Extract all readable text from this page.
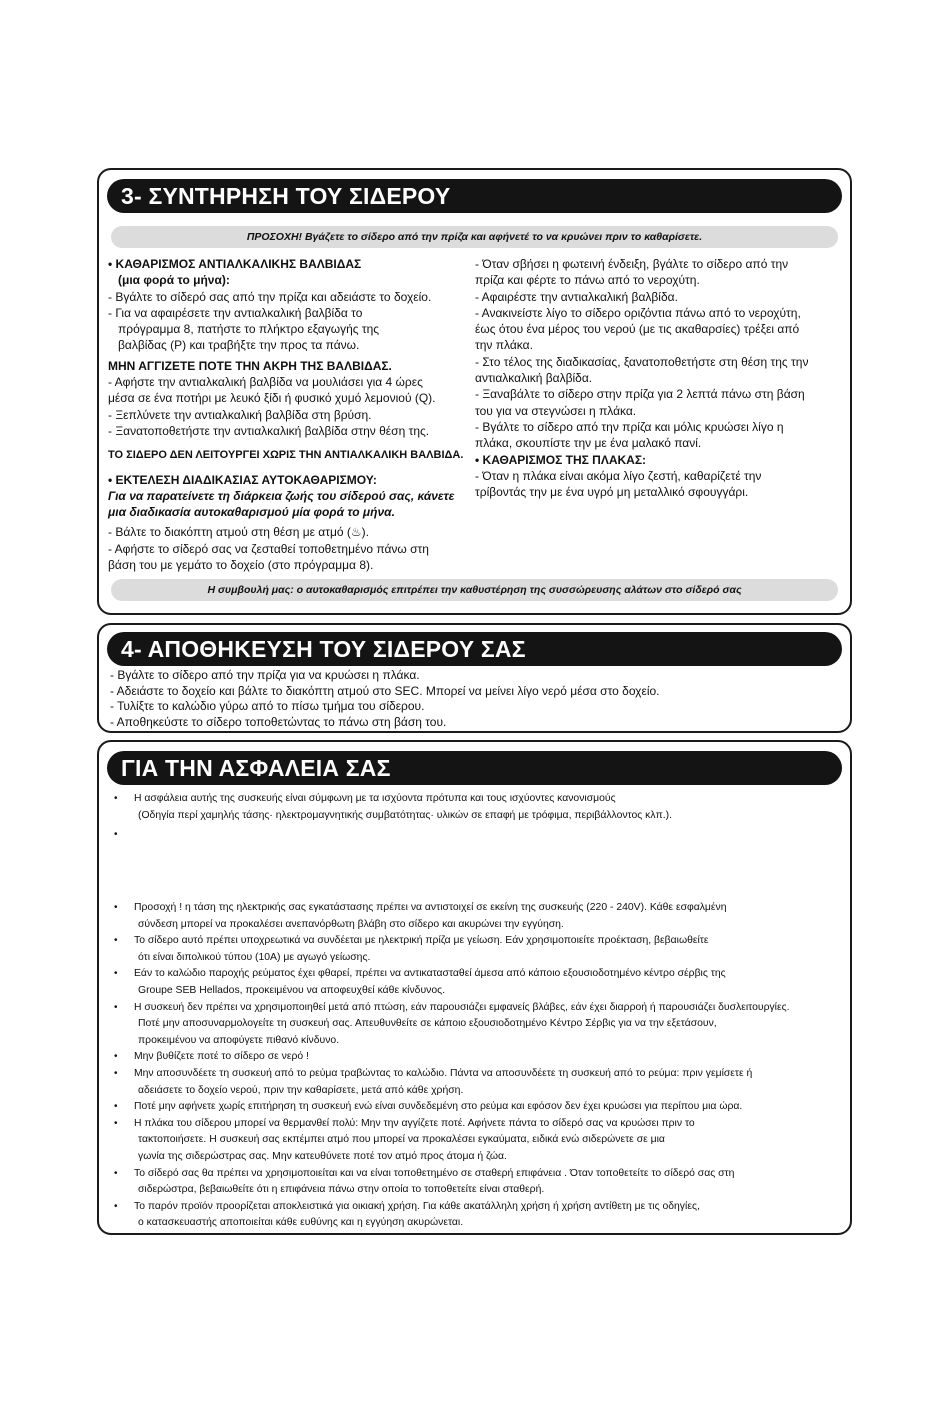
3- ΣΥΝΤΗΡΗΣΗ ΤΟΥ ΣΙΔΕΡΟΥ
ΠΡΟΣΟΧΗ! Βγάζετε το σίδερο από την πρίζα και αφήνετέ το να κρυώνει πριν το καθαρίσετε.
• ΚΑΘΑΡΙΣΜΟΣ ΑΝΤΙΑΛΚΑΛΙΚΗΣ ΒΑΛΒΙΔΑΣ
(μια φορά το μήνα):
- Βγάλτε το σίδερό σας από την πρίζα και αδειάστε το δοχείο.
- Για να αφαιρέσετε την αντιαλκαλική βαλβίδα το
πρόγραμμα 8, πατήστε το πλήκτρο εξαγωγής της
βαλβίδας (P) και τραβήξτε την προς τα πάνω.
ΜΗΝ ΑΓΓΙΖΕΤΕ ΠΟΤΕ ΤΗΝ ΑΚΡΗ ΤΗΣ ΒΑΛΒΙΔΑΣ.
- Αφήστε την αντιαλκαλική βαλβίδα να μουλιάσει για 4 ώρες
μέσα σε ένα ποτήρι με λευκό ξίδι ή φυσικό χυμό λεμονιού (Q).
- Ξεπλύνετε την αντιαλκαλική βαλβίδα στη βρύση.
- Ξανατοποθετήστε την αντιαλκαλική βαλβίδα στην θέση της.
ΤΟ ΣΙΔΕΡΟ ΔΕΝ ΛΕΙΤΟΥΡΓΕΙ ΧΩΡΙΣ ΤΗΝ ΑΝΤΙΑΛΚΑΛΙΚΗ ΒΑΛΒΙΔΑ.
• ΕΚΤΕΛΕΣΗ ΔΙΑΔΙΚΑΣΙΑΣ ΑΥΤΟΚΑΘΑΡΙΣΜΟΥ:
Για να παρατείνετε τη διάρκεια ζωής του σίδερού σας, κάνετε
μια διαδικασία αυτοκαθαρισμού μία φορά το μήνα.
- Βάλτε το διακόπτη ατμού στη θέση με ατμό (♨).
- Αφήστε το σίδερό σας να ζεσταθεί τοποθετημένο πάνω στη
βάση του με γεμάτο το δοχείο (στο πρόγραμμα 8).
- Όταν σβήσει η φωτεινή ένδειξη, βγάλτε το σίδερο από την
πρίζα και φέρτε το πάνω από το νεροχύτη.
- Αφαιρέστε την αντιαλκαλική βαλβίδα.
- Ανακινείστε λίγο το σίδερο οριζόντια πάνω από το νεροχύτη,
έως ότου ένα μέρος του νερού (με τις ακαθαρσίες) τρέξει από
την πλάκα.
- Στο τέλος της διαδικασίας, ξανατοποθετήστε στη θέση της την
αντιαλκαλική βαλβίδα.
- Ξαναβάλτε το σίδερο στην πρίζα για 2 λεπτά πάνω στη βάση
του για να στεγνώσει η πλάκα.
- Βγάλτε το σίδερο από την πρίζα και μόλις κρυώσει λίγο η
πλάκα, σκουπίστε την με ένα μαλακό πανί.
• ΚΑΘΑΡΙΣΜΟΣ ΤΗΣ ΠΛΑΚΑΣ:
- Όταν η πλάκα είναι ακόμα λίγο ζεστή, καθαρίζετέ την
τρίβοντάς την με ένα υγρό μη μεταλλικό σφουγγάρι.
Η συμβουλή μας: ο αυτοκαθαρισμός επιτρέπει την καθυστέρηση της συσσώρευσης αλάτων στο σίδερό σας
4- ΑΠΟΘΗΚΕΥΣΗ ΤΟΥ ΣΙΔΕΡΟΥ ΣΑΣ
- Βγάλτε το σίδερο από την πρίζα για να κρυώσει η πλάκα.
- Αδειάστε το δοχείο και βάλτε το διακόπτη ατμού στο SEC. Μπορεί να μείνει λίγο νερό μέσα στο δοχείο.
- Τυλίξτε το καλώδιο γύρω από το πίσω τμήμα του σίδερου.
- Αποθηκεύστε το σίδερο τοποθετώντας το πάνω στη βάση του.
ΓΙΑ ΤΗΝ ΑΣΦΑΛΕΙΑ ΣΑΣ
• Η ασφάλεια αυτής της συσκευής είναι σύμφωνη με τα ισχύοντα πρότυπα και τους ισχύοντες κανονισμούς
(Οδηγία περί χαμηλής τάσης· ηλεκτρομαγνητικής συμβατότητας· υλικών σε επαφή με τρόφιμα, περιβάλλοντος κλπ.).
•
• Προσοχή ! η τάση της ηλεκτρικής σας εγκατάστασης πρέπει να αντιστοιχεί σε εκείνη της συσκευής (220 - 240V). Κάθε εσφαλμένη
σύνδεση μπορεί να προκαλέσει ανεπανόρθωτη βλάβη στο σίδερο και ακυρώνει την εγγύηση.
• Το σίδερο αυτό πρέπει υποχρεωτικά να συνδέεται με ηλεκτρική πρίζα με γείωση. Εάν χρησιμοποιείτε προέκταση, βεβαιωθείτε
ότι είναι διπολικού τύπου (10Α) με αγωγό γείωσης.
• Εάν το καλώδιο παροχής ρεύματος έχει φθαρεί, πρέπει να αντικατασταθεί άμεσα από κάποιο εξουσιοδοτημένο κέντρο σέρβις της
Groupe SEB Hellados, προκειμένου να αποφευχθεί κάθε κίνδυνος.
• Η συσκευή δεν πρέπει να χρησιμοποιηθεί μετά από πτώση, εάν παρουσιάζει εμφανείς βλάβες, εάν έχει διαρροή ή παρουσιάζει δυσλειτουργίες.
Ποτέ μην αποσυναρμολογείτε τη συσκευή σας. Απευθυνθείτε σε κάποιο εξουσιοδοτημένο Κέντρο Σέρβις για να την εξετάσουν,
προκειμένου να αποφύγετε πιθανό κίνδυνο.
• Μην βυθίζετε ποτέ το σίδερο σε νερό !
• Μην αποσυνδέετε τη συσκευή από το ρεύμα τραβώντας το καλώδιο. Πάντα να αποσυνδέετε τη συσκευή από το ρεύμα: πριν γεμίσετε ή
αδειάσετε το δοχείο νερού, πριν την καθαρίσετε, μετά από κάθε χρήση.
• Ποτέ μην αφήνετε χωρίς επιτήρηση τη συσκευή ενώ είναι συνδεδεμένη στο ρεύμα και εφόσον δεν έχει κρυώσει για περίπου μια ώρα.
• Η πλάκα του σίδερου μπορεί να θερμανθεί πολύ: Μην την αγγίζετε ποτέ. Αφήνετε πάντα το σίδερό σας να κρυώσει πριν το
τακτοποιήσετε. Η συσκευή σας εκπέμπει ατμό που μπορεί να προκαλέσει εγκαύματα, ειδικά ενώ σιδερώνετε σε μια
γωνία της σιδερώστρας σας. Μην κατευθύνετε ποτέ τον ατμό προς άτομα ή ζώα.
• Το σίδερό σας θα πρέπει να χρησιμοποιείται και να είναι τοποθετημένο σε σταθερή επιφάνεια . Όταν τοποθετείτε το σίδερό σας στη
σιδερώστρα, βεβαιωθείτε ότι η επιφάνεια πάνω στην οποία το τοποθετείτε είναι σταθερή.
• Το παρόν προϊόν προορίζεται αποκλειστικά για οικιακή χρήση. Για κάθε ακατάλληλη χρήση ή χρήση αντίθετη με τις οδηγίες,
ο κατασκευαστής αποποιείται κάθε ευθύνης και η εγγύηση ακυρώνεται.
